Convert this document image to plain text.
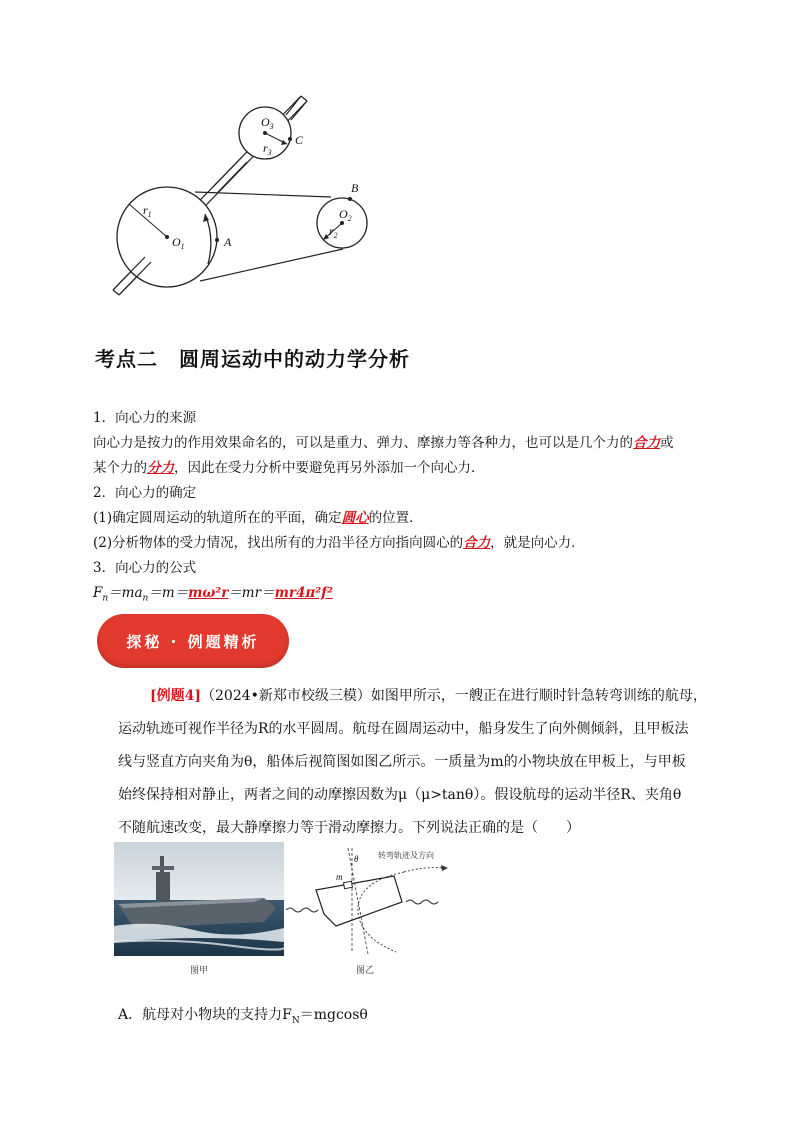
$O_1$
$r_1$
A
B
$O_2$
$r_2$
$O_3$
$r_3$
C
考点二　圆周运动中的动力学分析
1．向心力的来源
向心力是按力的作用效果命名的，可以是重力、弹力、摩擦力等各种力，也可以是几个力的合力或
某个力的分力，因此在受力分析中要避免再另外添加一个向心力．
2．向心力的确定
(1)确定圆周运动的轨道所在的平面，确定圆心的位置．
(2)分析物体的受力情况，找出所有的力沿半径方向指向圆心的合力，就是向心力．
3．向心力的公式
$F_n=ma_n=m=m\omega^2r=mr=mr4\pi^2f^2$
探秘 · 例题精析
[例题4]（2024•新郑市校级三模）如图甲所示，一艘正在进行顺时针急转弯训练的航母，
运动轨迹可视作半径为R的水平圆周。航母在圆周运动中，船身发生了向外侧倾斜，且甲板法
线与竖直方向夹角为θ，船体后视简图如图乙所示。一质量为m的小物块放在甲板上，与甲板
始终保持相对静止，两者之间的动摩擦因数为μ（μ>tanθ）。假设航母的运动半径R、夹角θ
不随航速改变，最大静摩擦力等于滑动摩擦力。下列说法正确的是（　　）
图甲
m
θ 转弯轨迹及方向
图乙
A．航母对小物块的支持力$F_N=mgcos\theta$
